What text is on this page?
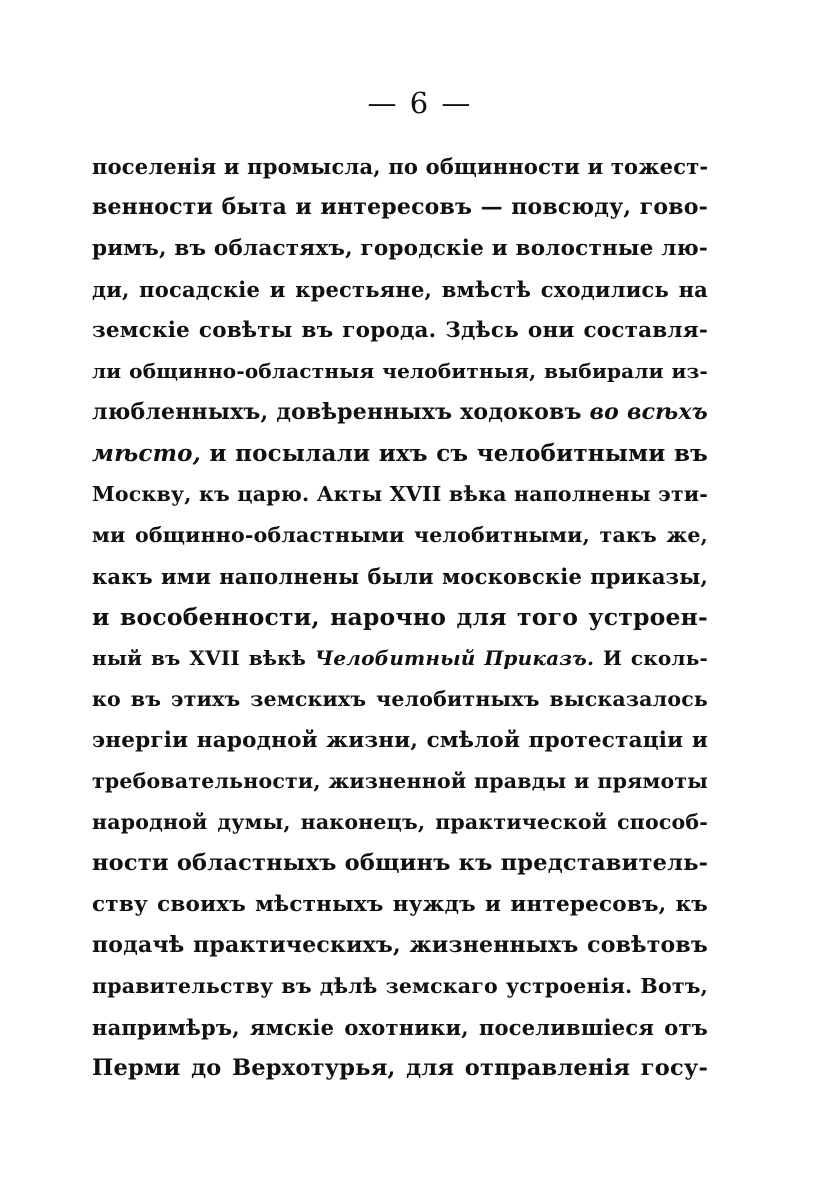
— 6 —
поселенія и промысла, по общинности и тожест-
венности быта и интересовъ — повсюду, гово-
римъ, въ областяхъ, городскіе и волостные лю-
ди, посадскіе и крестьяне, вмѣстѣ сходились на
земскіе совѣты въ города. Здѣсь они составля-
ли общинно-областныя челобитныя, выбирали из-
любленныхъ, довѣренныхъ ходоковъ во всѣхъ
мѣсто, и посылали ихъ съ челобитными въ
Москву, къ царю. Акты XVII вѣка наполнены эти-
ми общинно-областными челобитными, такъ же,
какъ ими наполнены были московскіе приказы,
и вособенности, нарочно для того устроен-
ный въ XVII вѣкѣ Челобитный Приказъ. И сколь-
ко въ этихъ земскихъ челобитныхъ высказалось
энергіи народной жизни, смѣлой протестаціи и
требовательности, жизненной правды и прямоты
народной думы, наконецъ, практической способ-
ности областныхъ общинъ къ представитель-
ству своихъ мѣстныхъ нуждъ и интересовъ, къ
подачѣ практическихъ, жизненныхъ совѣтовъ
правительству въ дѣлѣ земскаго устроенія. Вотъ,
напримѣръ, ямскіе охотники, поселившіеся отъ
Перми до Верхотурья, для отправленія госу-
